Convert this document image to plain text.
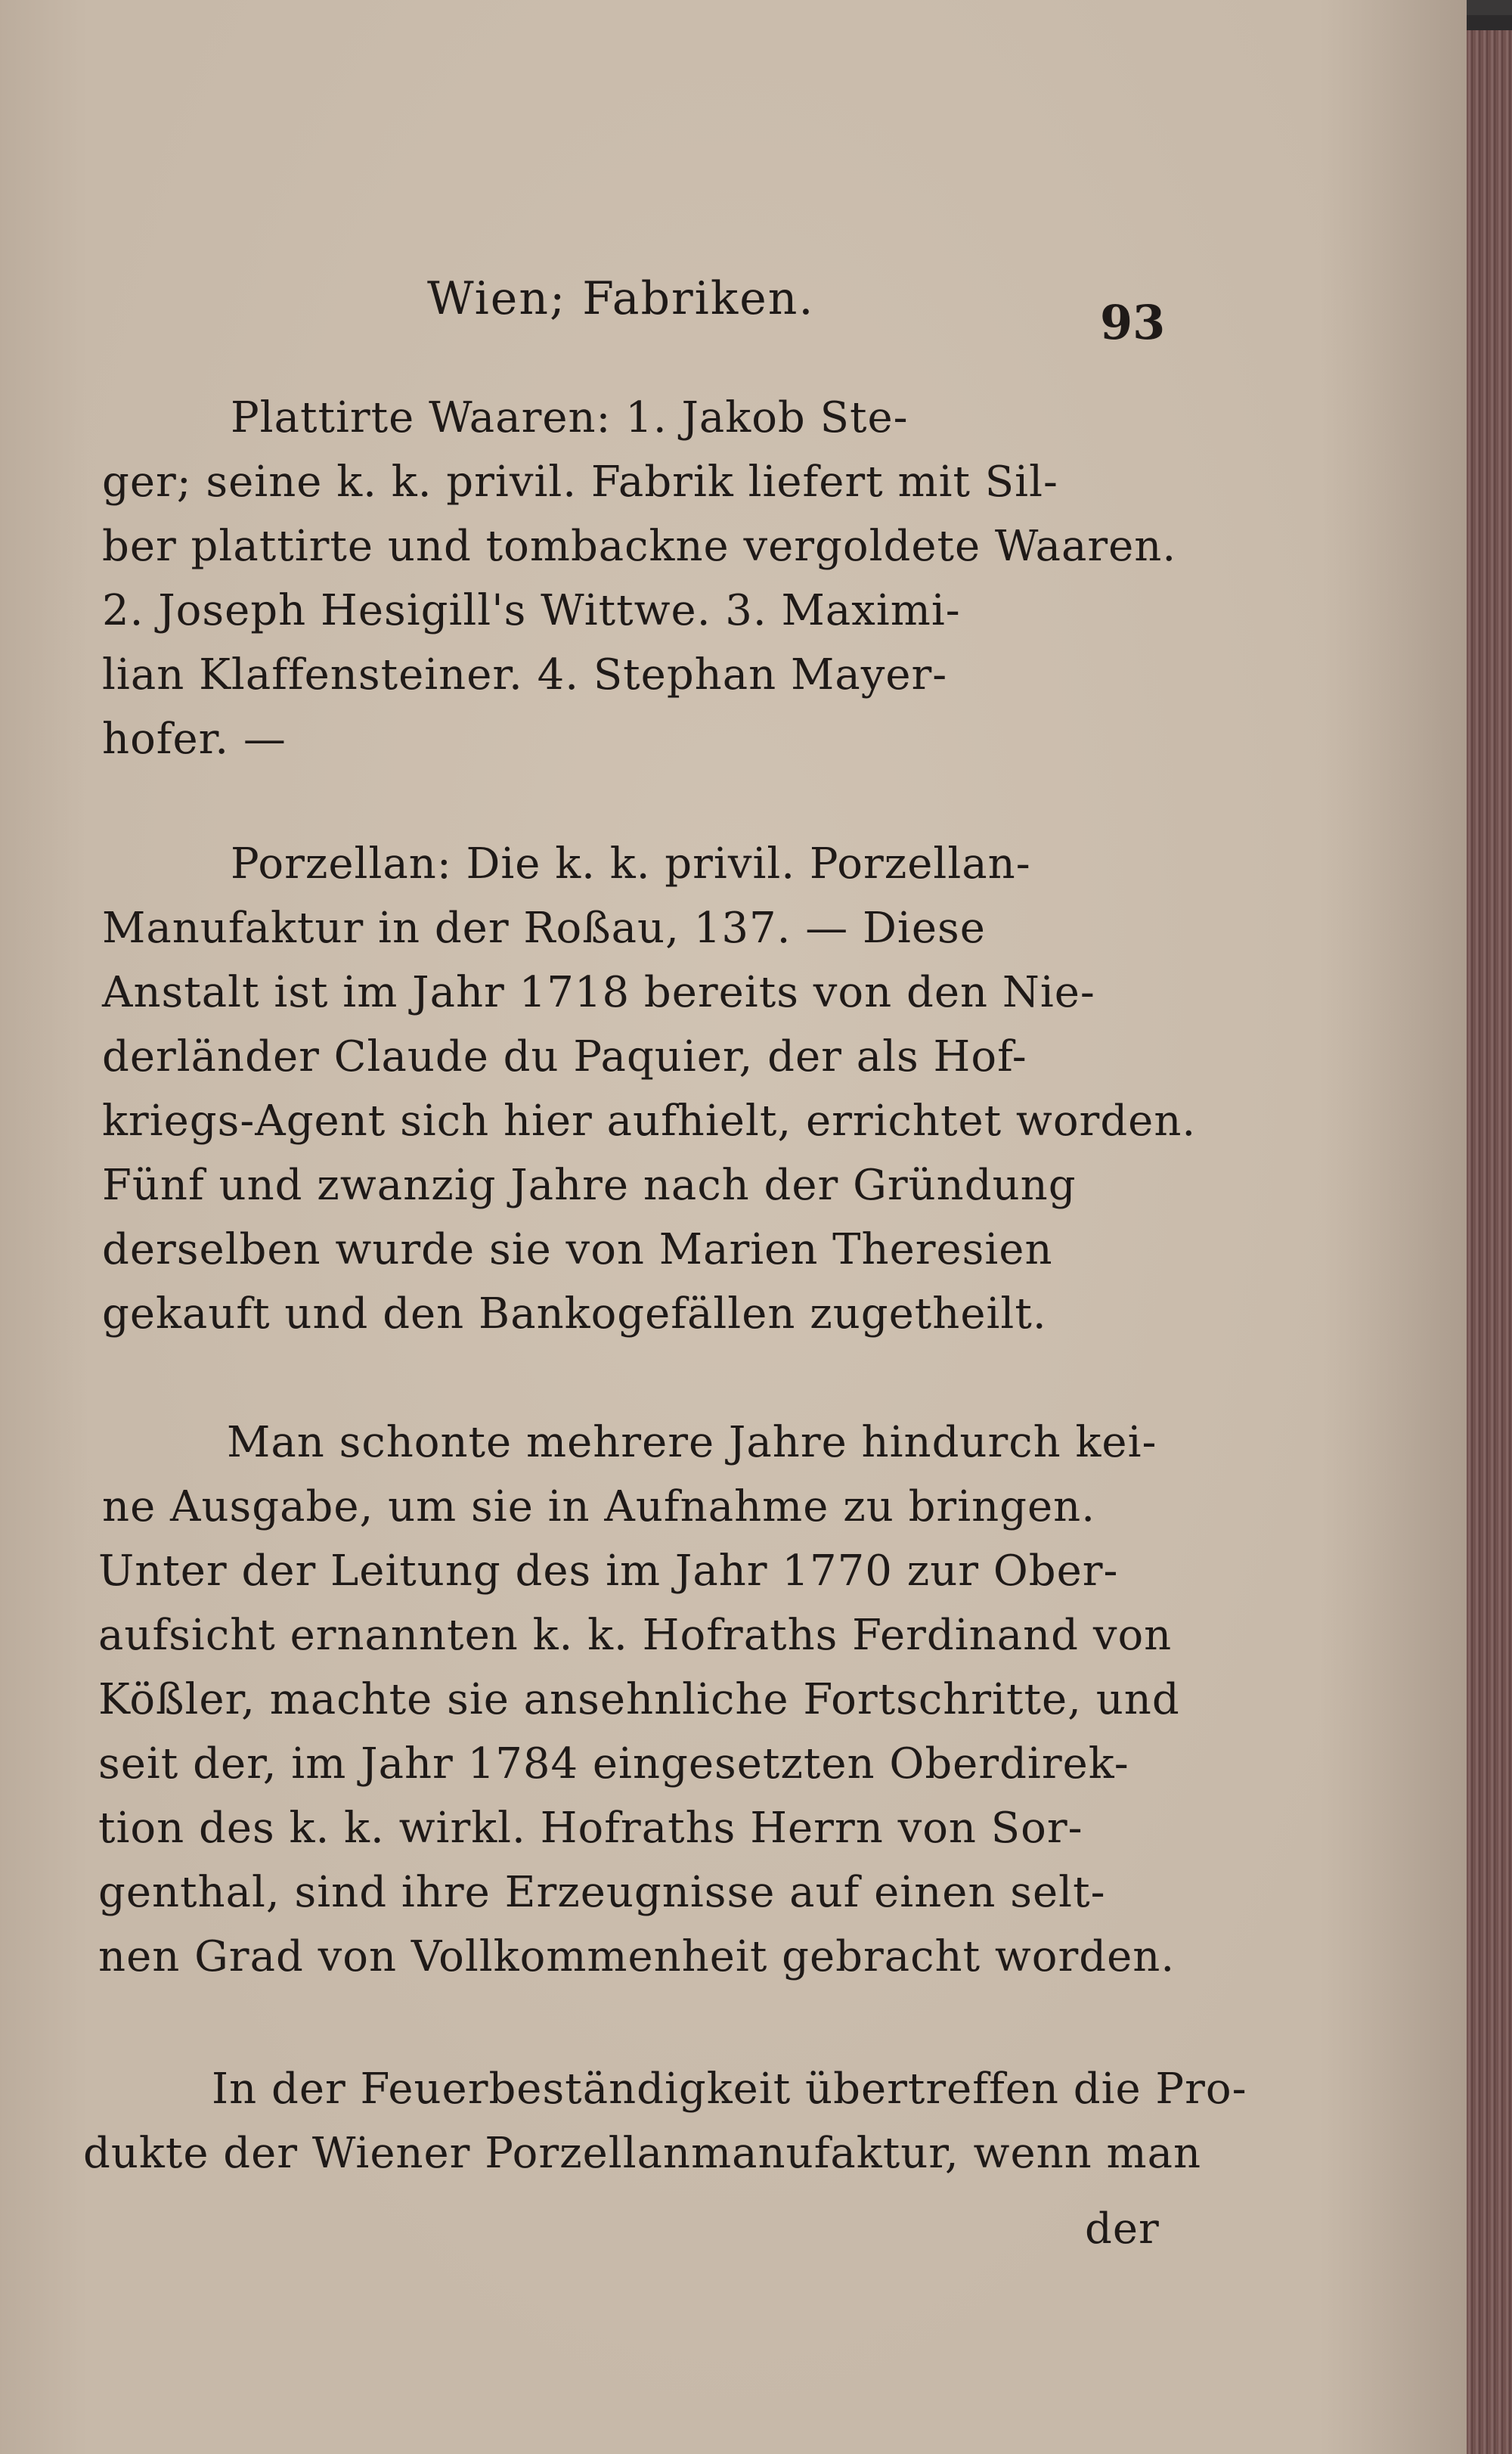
Wien; Fabriken.	93

Plattirte Waaren: 1. Jakob Ste-

ger; seine k. k. privil. Fabrik liefert mit Sil-

ber plattirte und tombackne vergoldete Waaren.

2. Joseph Hesigill's Wittwe. 3. Maximi-

lian Klaffensteiner. 4. Stephan Mayer-

hofer. —

Porzellan: Die k. k. privil. Porzellan-

Manufaktur in der Roßau, 137. — Diese

Anstalt ist im Jahr 1718 bereits von den Nie-

derländer Claude du Paquier, der als Hof-

kriegs-Agent sich hier aufhielt, errichtet worden.

Fünf und zwanzig Jahre nach der Gründung

derselben wurde sie von Marien Theresien

gekauft und den Bankogefällen zugetheilt.

Man schonte mehrere Jahre hindurch kei-

ne Ausgabe, um sie in Aufnahme zu bringen.

Unter der Leitung des im Jahr 1770 zur Ober-

aufsicht ernannten k. k. Hofraths Ferdinand von

Kößler, machte sie ansehnliche Fortschritte, und

seit der, im Jahr 1784 eingesetzten Oberdirek-

tion des k. k. wirkl. Hofraths Herrn von Sor-

genthal, sind ihre Erzeugnisse auf einen selt-

nen Grad von Vollkommenheit gebracht worden.

In der Feuerbeständigkeit übertreffen die Pro-

dukte der Wiener Porzellanmanufaktur, wenn man

der
